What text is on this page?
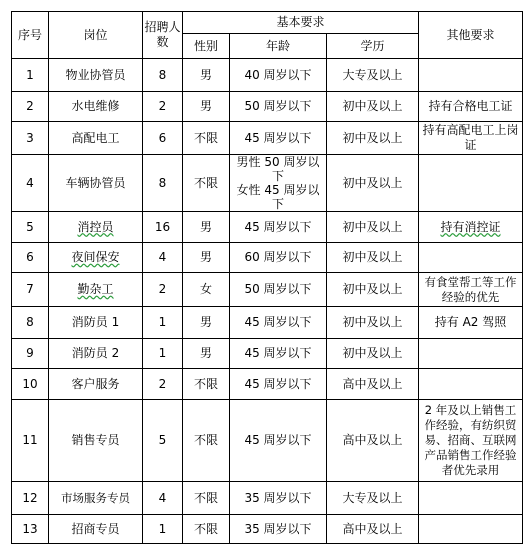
序号	岗位	招聘人数	基本要求			其他要求
			性别	年龄	学历	
1	物业协管员	8	男	40 周岁以下	大专及以上	
2	水电维修	2	男	50 周岁以下	初中及以上	持有合格电工证
3	高配电工	6	不限	45 周岁以下	初中及以上	持有高配电工上岗证
4	车辆协管员	8	不限	男性 50 周岁以下
女性 45 周岁以下	初中及以上	
5	消控员	16	男	45 周岁以下	初中及以上	持有消控证
6	夜间保安	4	男	60 周岁以下	初中及以上	
7	勤杂工	2	女	50 周岁以下	初中及以上	有食堂帮工等工作经验的优先
8	消防员 1	1	男	45 周岁以下	初中及以上	持有 A2 驾照
9	消防员 2	1	男	45 周岁以下	初中及以上	
10	客户服务	2	不限	45 周岁以下	高中及以上	
11	销售专员	5	不限	45 周岁以下	高中及以上	2 年及以上销售工作经验，有纺织贸易、招商、互联网产品销售工作经验者优先录用
12	市场服务专员	4	不限	35 周岁以下	大专及以上	
13	招商专员	1	不限	35 周岁以下	高中及以上	
